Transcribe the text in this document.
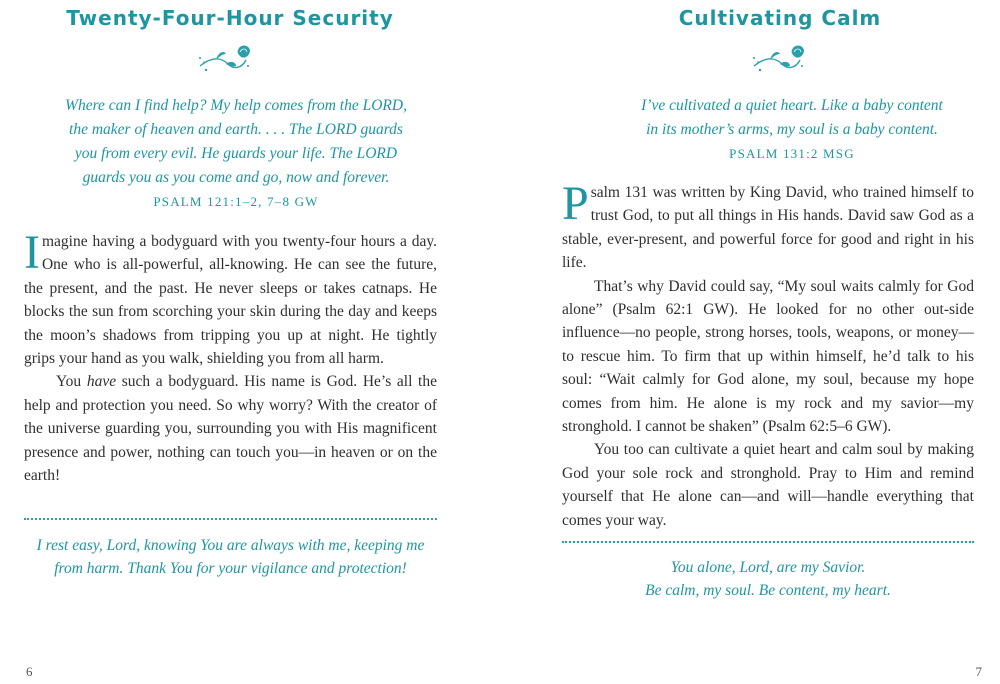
Twenty-Four-Hour Security
Where can I find help? My help comes from the LORD,
the maker of heaven and earth. . . . The LORD guards
you from every evil. He guards your life. The LORD
guards you as you come and go, now and forever.
PSALM 121:1–2, 7–8 GW

Imagine having a bodyguard with you twenty-four hours a day. One who is all-powerful, all-knowing. He can see the future, the present, and the past. He never sleeps or takes catnaps. He blocks the sun from scorching your skin during the day and keeps the moon’s shadows from tripping you up at night. He tightly grips your hand as you walk, shielding you from all harm.

You have such a bodyguard. His name is God. He’s all the help and protection you need. So why worry? With the creator of the universe guarding you, surrounding you with His magnificent presence and power, nothing can touch you—in heaven or on the earth!

I rest easy, Lord, knowing You are always with me, keeping me
from harm. Thank You for your vigilance and protection!
6
Cultivating Calm
I’ve cultivated a quiet heart. Like a baby content
in its mother’s arms, my soul is a baby content.
PSALM 131:2 MSG

Psalm 131 was written by King David, who trained himself to trust God, to put all things in His hands. David saw God as a stable, ever-present, and powerful force for good and right in his life.

That’s why David could say, “My soul waits calmly for God alone” (Psalm 62:1 GW). He looked for no other out-side influence—no people, strong horses, tools, weapons, or money—to rescue him. To firm that up within himself, he’d talk to his soul: “Wait calmly for God alone, my soul, because my hope comes from him. He alone is my rock and my savior—my stronghold. I cannot be shaken” (Psalm 62:5–6 GW).

You too can cultivate a quiet heart and calm soul by making God your sole rock and stronghold. Pray to Him and remind yourself that He alone can—and will—handle everything that comes your way.

You alone, Lord, are my Savior.
Be calm, my soul. Be content, my heart.
7
